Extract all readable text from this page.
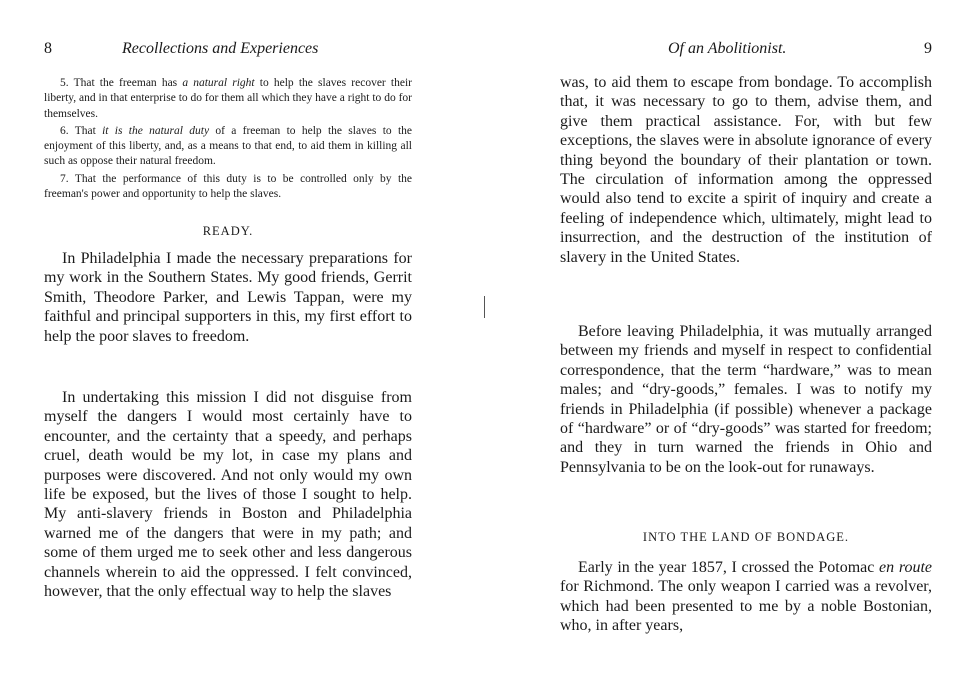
8	Recollections and Experiences

5. That the freeman has a natural right to help the slaves recover their liberty, and in that enterprise to do for them all which they have a right to do for themselves.

6. That it is the natural duty of a freeman to help the slaves to the enjoyment of this liberty, and, as a means to that end, to aid them in killing all such as oppose their natural freedom.

7. That the performance of this duty is to be controlled only by the freeman's power and opportunity to help the slaves.

READY.

In Philadelphia I made the necessary preparations for my work in the Southern States. My good friends, Gerrit Smith, Theodore Parker, and Lewis Tappan, were my faithful and principal supporters in this, my first effort to help the poor slaves to freedom.

In undertaking this mission I did not disguise from myself the dangers I would most certainly have to encounter, and the certainty that a speedy, and perhaps cruel, death would be my lot, in case my plans and purposes were discovered. And not only would my own life be exposed, but the lives of those I sought to help. My anti-slavery friends in Boston and Philadelphia warned me of the dangers that were in my path; and some of them urged me to seek other and less dangerous channels wherein to aid the oppressed. I felt convinced, however, that the only effectual way to help the slaves

Of an Abolitionist.	9

was, to aid them to escape from bondage. To accomplish that, it was necessary to go to them, advise them, and give them practical assistance. For, with but few exceptions, the slaves were in absolute ignorance of every thing beyond the boundary of their plantation or town. The circulation of information among the oppressed would also tend to excite a spirit of inquiry and create a feeling of independence which, ultimately, might lead to insurrection, and the destruction of the institution of slavery in the United States.

Before leaving Philadelphia, it was mutually arranged between my friends and myself in respect to confidential correspondence, that the term “hardware,” was to mean males; and “dry-goods,” females. I was to notify my friends in Philadelphia (if possible) whenever a package of “hardware” or of “dry-goods” was started for freedom; and they in turn warned the friends in Ohio and Pennsylvania to be on the look-out for runaways.

INTO THE LAND OF BONDAGE.

Early in the year 1857, I crossed the Potomac en route for Richmond. The only weapon I carried was a revolver, which had been presented to me by a noble Bostonian, who, in after years,
